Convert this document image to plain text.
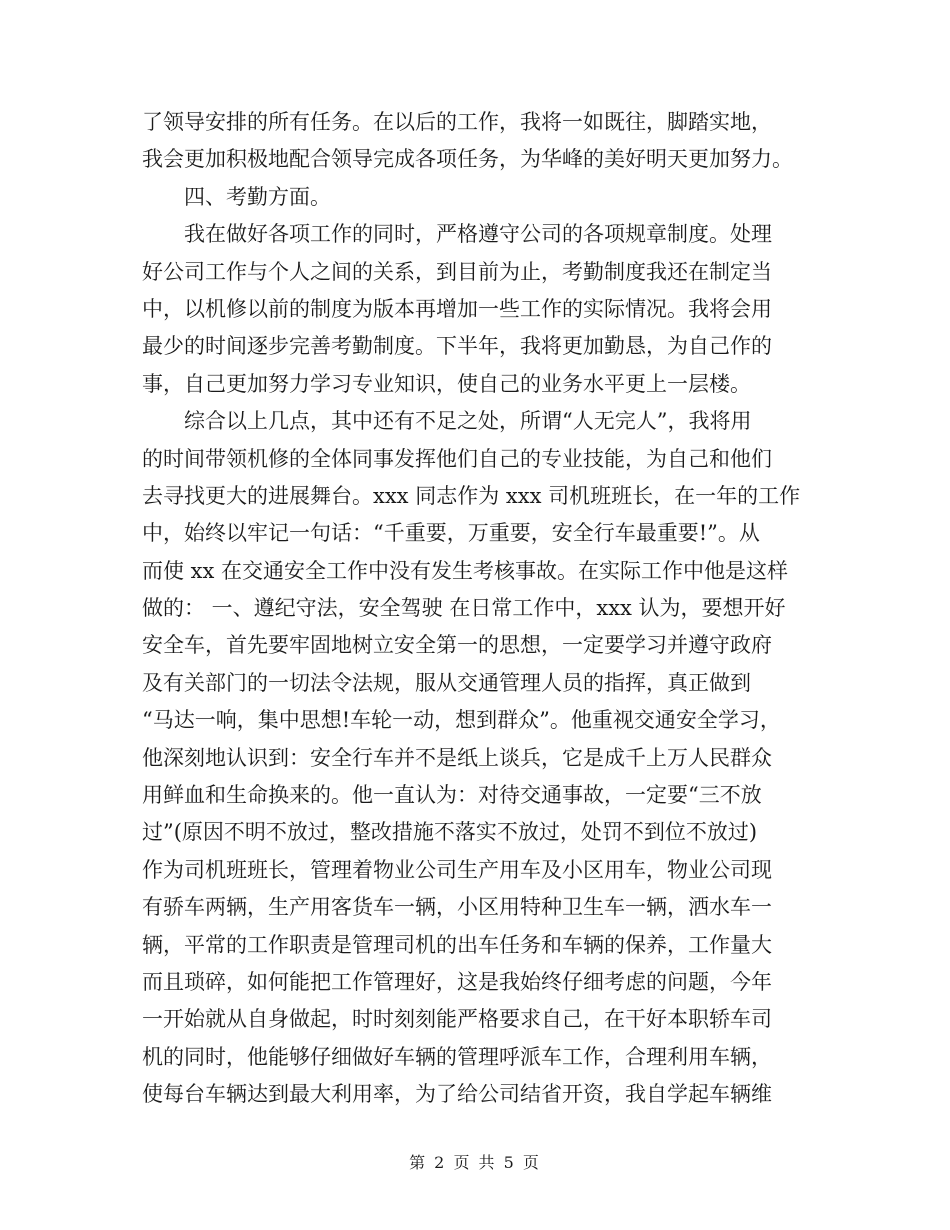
了领导安排的所有任务。在以后的工作，我将一如既往，脚踏实地，
我会更加积极地配合领导完成各项任务，为华峰的美好明天更加努力。
四、考勤方面。
我在做好各项工作的同时，严格遵守公司的各项规章制度。处理
好公司工作与个人之间的关系，到目前为止，考勤制度我还在制定当
中，以机修以前的制度为版本再增加一些工作的实际情况。我将会用
最少的时间逐步完善考勤制度。下半年，我将更加勤恳，为自己作的
事，自己更加努力学习专业知识，使自己的业务水平更上一层楼。
综合以上几点，其中还有不足之处，所谓“人无完人”，我将用
的时间带领机修的全体同事发挥他们自己的专业技能，为自己和他们
去寻找更大的进展舞台。xxx 同志作为 xxx 司机班班长，在一年的工作
中，始终以牢记一句话：“千重要，万重要，安全行车最重要!”。从
而使 xx 在交通安全工作中没有发生考核事故。在实际工作中他是这样
做的： 一、遵纪守法，安全驾驶 在日常工作中，xxx 认为，要想开好
安全车，首先要牢固地树立安全第一的思想，一定要学习并遵守政府
及有关部门的一切法令法规，服从交通管理人员的指挥，真正做到
“马达一响，集中思想!车轮一动，想到群众”。他重视交通安全学习，
他深刻地认识到：安全行车并不是纸上谈兵，它是成千上万人民群众
用鲜血和生命换来的。他一直认为：对待交通事故，一定要“三不放
过”(原因不明不放过，整改措施不落实不放过，处罚不到位不放过)
作为司机班班长，管理着物业公司生产用车及小区用车，物业公司现
有骄车两辆，生产用客货车一辆，小区用特种卫生车一辆，洒水车一
辆，平常的工作职责是管理司机的出车任务和车辆的保养，工作量大
而且琐碎，如何能把工作管理好，这是我始终仔细考虑的问题，今年
一开始就从自身做起，时时刻刻能严格要求自己，在干好本职轿车司
机的同时，他能够仔细做好车辆的管理呼派车工作，合理利用车辆，
使每台车辆达到最大利用率，为了给公司结省开资，我自学起车辆维
第 2 页 共 5 页
